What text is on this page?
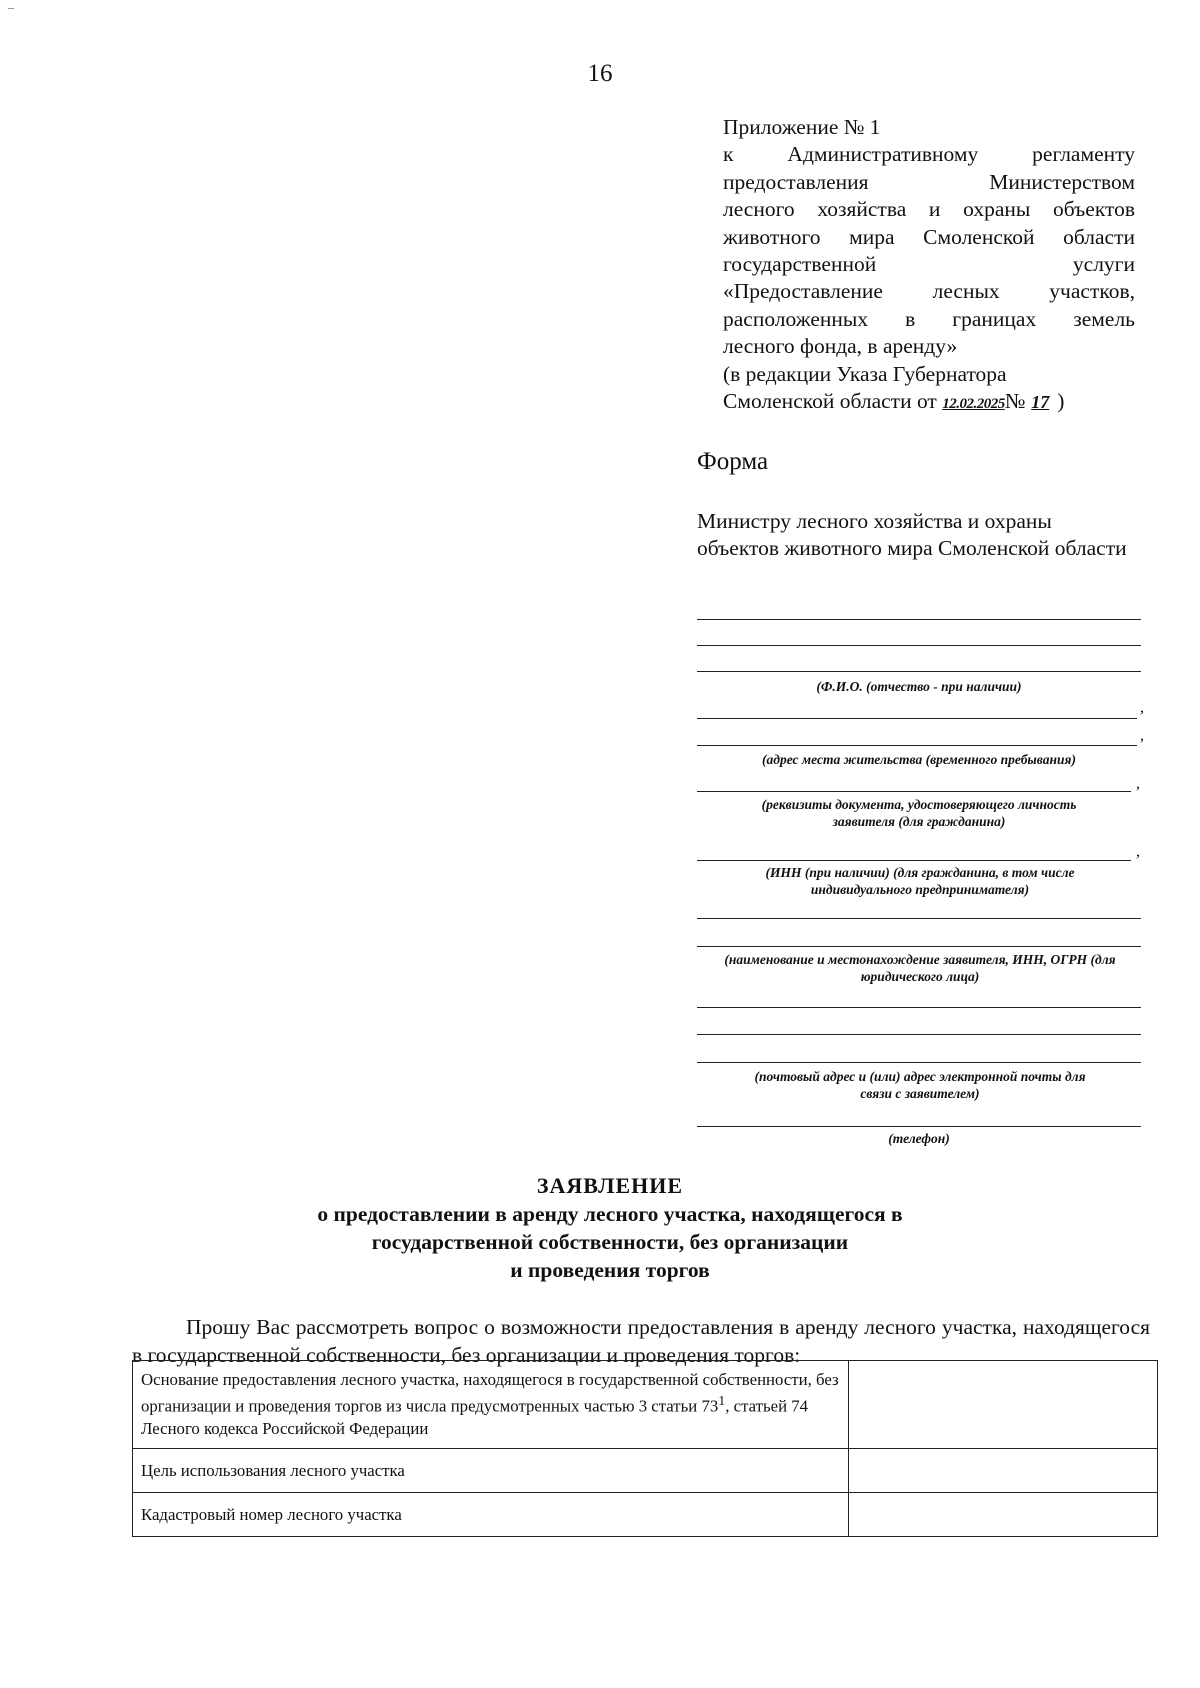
16
Приложение № 1
к Административному регламенту
предоставления Министерством
лесного хозяйства и охраны объектов
животного мира Смоленской области
государственной услуги
«Предоставление лесных участков,
расположенных в границах земель
лесного фонда, в аренду»
(в редакции Указа Губернатора
Смоленской области от 12.02.2025№ 17 )
Форма
Министру лесного хозяйства и охраны объектов животного мира Смоленской области
(Ф.И.О. (отчество - при наличии)
,
,
(адрес места жительства (временного пребывания)
,
(реквизиты документа, удостоверяющего личность заявителя (для гражданина)
,
(ИНН (при наличии) (для гражданина, в том числе индивидуального предпринимателя)
(наименование и местонахождение заявителя, ИНН, ОГРН (для юридического лица)
(почтовый адрес и (или) адрес электронной почты для связи с заявителем)
(телефон)
ЗАЯВЛЕНИЕ
о предоставлении в аренду лесного участка, находящегося в
государственной собственности, без организации
и проведения торгов
Прошу Вас рассмотреть вопрос о возможности предоставления в аренду лесного участка, находящегося в государственной собственности, без организации и проведения торгов:
Основание предоставления лесного участка, находящегося в государственной собственности, без организации и проведения торгов из числа предусмотренных частью 3 статьи $73^1$, статьей 74 Лесного кодекса Российской Федерации	
Цель использования лесного участка	
Кадастровый номер лесного участка	
